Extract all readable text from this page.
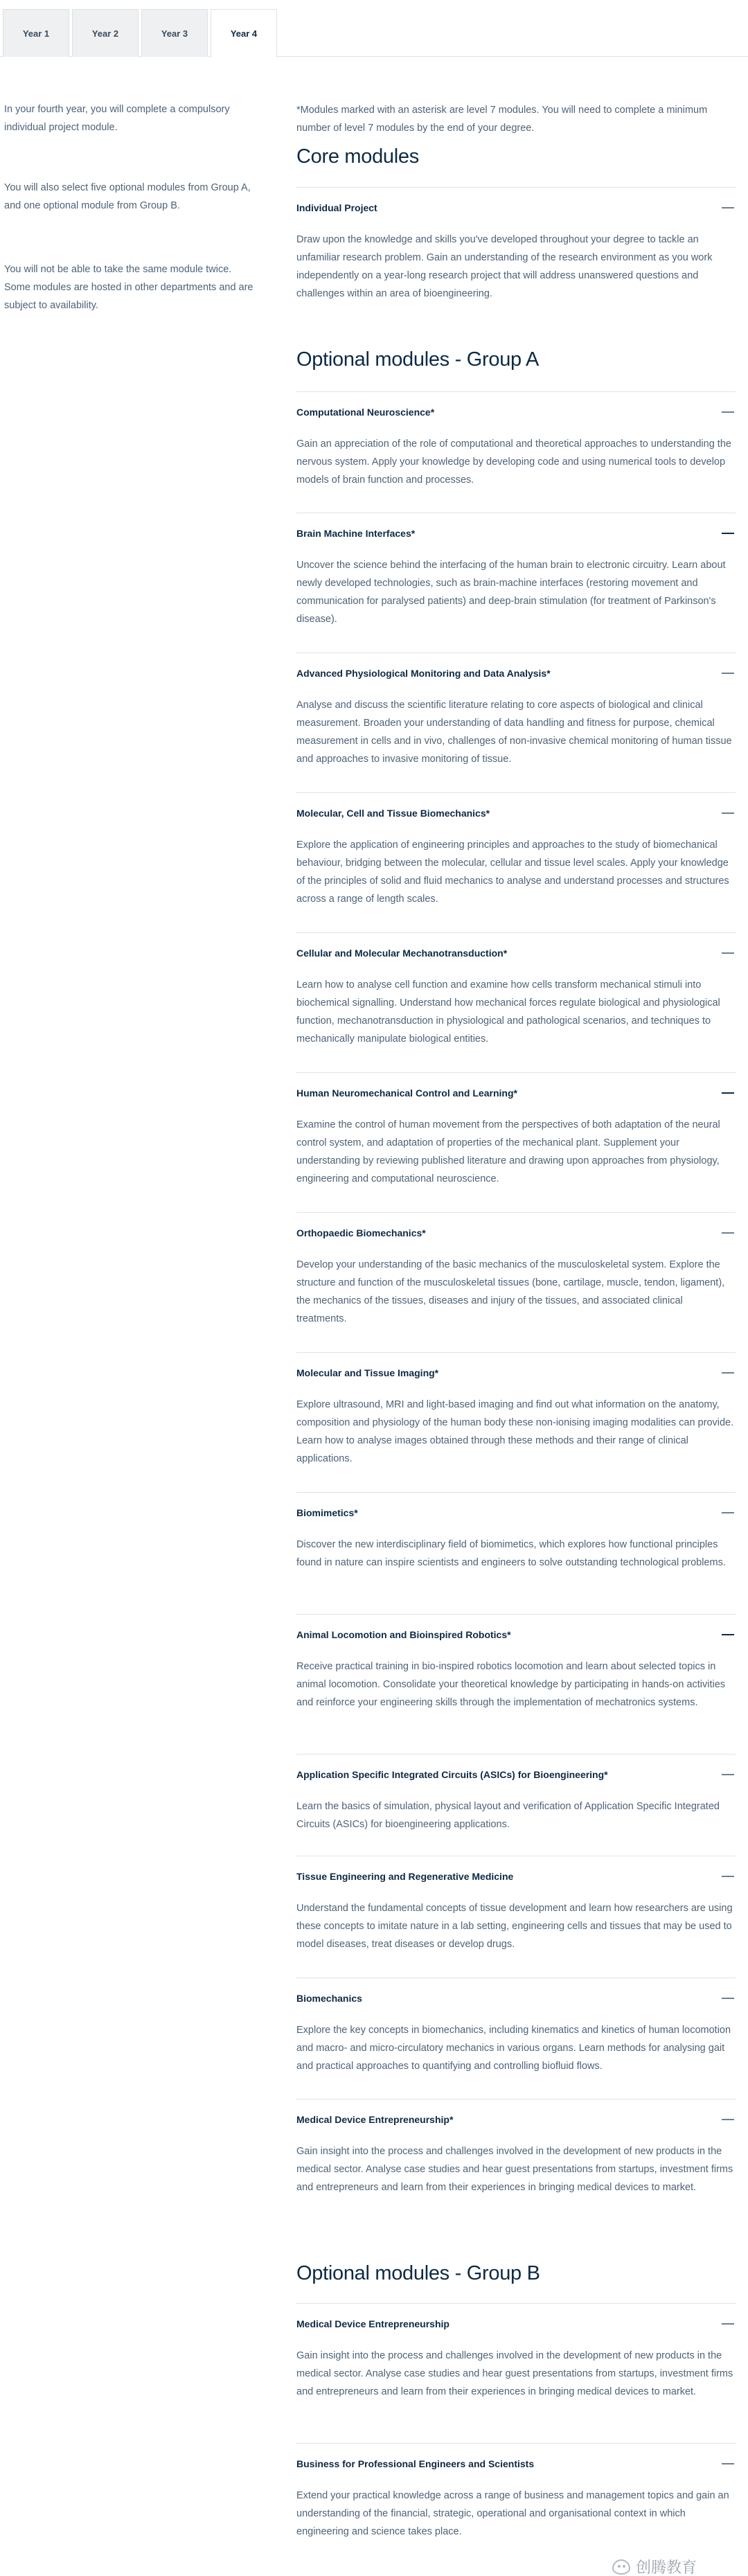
Year 1	Year 2	Year 3	Year 4

In your fourth year, you will complete a compulsory individual project module.

You will also select five optional modules from Group A, and one optional module from Group B.

You will not be able to take the same module twice. Some modules are hosted in other departments and are subject to availability.

*Modules marked with an asterisk are level 7 modules. You will need to complete a minimum number of level 7 modules by the end of your degree.

Core modules
Individual Project
Draw upon the knowledge and skills you've developed throughout your degree to tackle an unfamiliar research problem. Gain an understanding of the research environment as you work independently on a year-long research project that will address unanswered questions and challenges within an area of bioengineering.
Optional modules - Group A
Computational Neuroscience*
Gain an appreciation of the role of computational and theoretical approaches to understanding the nervous system. Apply your knowledge by developing code and using numerical tools to develop models of brain function and processes.
Brain Machine Interfaces*
Uncover the science behind the interfacing of the human brain to electronic circuitry. Learn about newly developed technologies, such as brain-machine interfaces (restoring movement and communication for paralysed patients) and deep-brain stimulation (for treatment of Parkinson's disease).
Advanced Physiological Monitoring and Data Analysis*
Analyse and discuss the scientific literature relating to core aspects of biological and clinical measurement. Broaden your understanding of data handling and fitness for purpose, chemical measurement in cells and in vivo, challenges of non-invasive chemical monitoring of human tissue and approaches to invasive monitoring of tissue.
Molecular, Cell and Tissue Biomechanics*
Explore the application of engineering principles and approaches to the study of biomechanical behaviour, bridging between the molecular, cellular and tissue level scales. Apply your knowledge of the principles of solid and fluid mechanics to analyse and understand processes and structures across a range of length scales.
Cellular and Molecular Mechanotransduction*
Learn how to analyse cell function and examine how cells transform mechanical stimuli into biochemical signalling. Understand how mechanical forces regulate biological and physiological function, mechanotransduction in physiological and pathological scenarios, and techniques to mechanically manipulate biological entities.
Human Neuromechanical Control and Learning*
Examine the control of human movement from the perspectives of both adaptation of the neural control system, and adaptation of properties of the mechanical plant. Supplement your understanding by reviewing published literature and drawing upon approaches from physiology, engineering and computational neuroscience.
Orthopaedic Biomechanics*
Develop your understanding of the basic mechanics of the musculoskeletal system. Explore the structure and function of the musculoskeletal tissues (bone, cartilage, muscle, tendon, ligament), the mechanics of the tissues, diseases and injury of the tissues, and associated clinical treatments.
Molecular and Tissue Imaging*
Explore ultrasound, MRI and light-based imaging and find out what information on the anatomy, composition and physiology of the human body these non-ionising imaging modalities can provide. Learn how to analyse images obtained through these methods and their range of clinical applications.
Biomimetics*
Discover the new interdisciplinary field of biomimetics, which explores how functional principles found in nature can inspire scientists and engineers to solve outstanding technological problems.
Animal Locomotion and Bioinspired Robotics*
Receive practical training in bio-inspired robotics locomotion and learn about selected topics in animal locomotion. Consolidate your theoretical knowledge by participating in hands-on activities and reinforce your engineering skills through the implementation of mechatronics systems.
Application Specific Integrated Circuits (ASICs) for Bioengineering*
Learn the basics of simulation, physical layout and verification of Application Specific Integrated Circuits (ASICs) for bioengineering applications.
Tissue Engineering and Regenerative Medicine
Understand the fundamental concepts of tissue development and learn how researchers are using these concepts to imitate nature in a lab setting, engineering cells and tissues that may be used to model diseases, treat diseases or develop drugs.
Biomechanics
Explore the key concepts in biomechanics, including kinematics and kinetics of human locomotion and macro- and micro-circulatory mechanics in various organs. Learn methods for analysing gait and practical approaches to quantifying and controlling biofluid flows.
Medical Device Entrepreneurship*
Gain insight into the process and challenges involved in the development of new products in the medical sector. Analyse case studies and hear guest presentations from startups, investment firms and entrepreneurs and learn from their experiences in bringing medical devices to market.
Optional modules - Group B
Medical Device Entrepreneurship
Gain insight into the process and challenges involved in the development of new products in the medical sector. Analyse case studies and hear guest presentations from startups, investment firms and entrepreneurs and learn from their experiences in bringing medical devices to market.
Business for Professional Engineers and Scientists
Extend your practical knowledge across a range of business and management topics and gain an understanding of the financial, strategic, operational and organisational context in which engineering and science takes place.
创腾教育
